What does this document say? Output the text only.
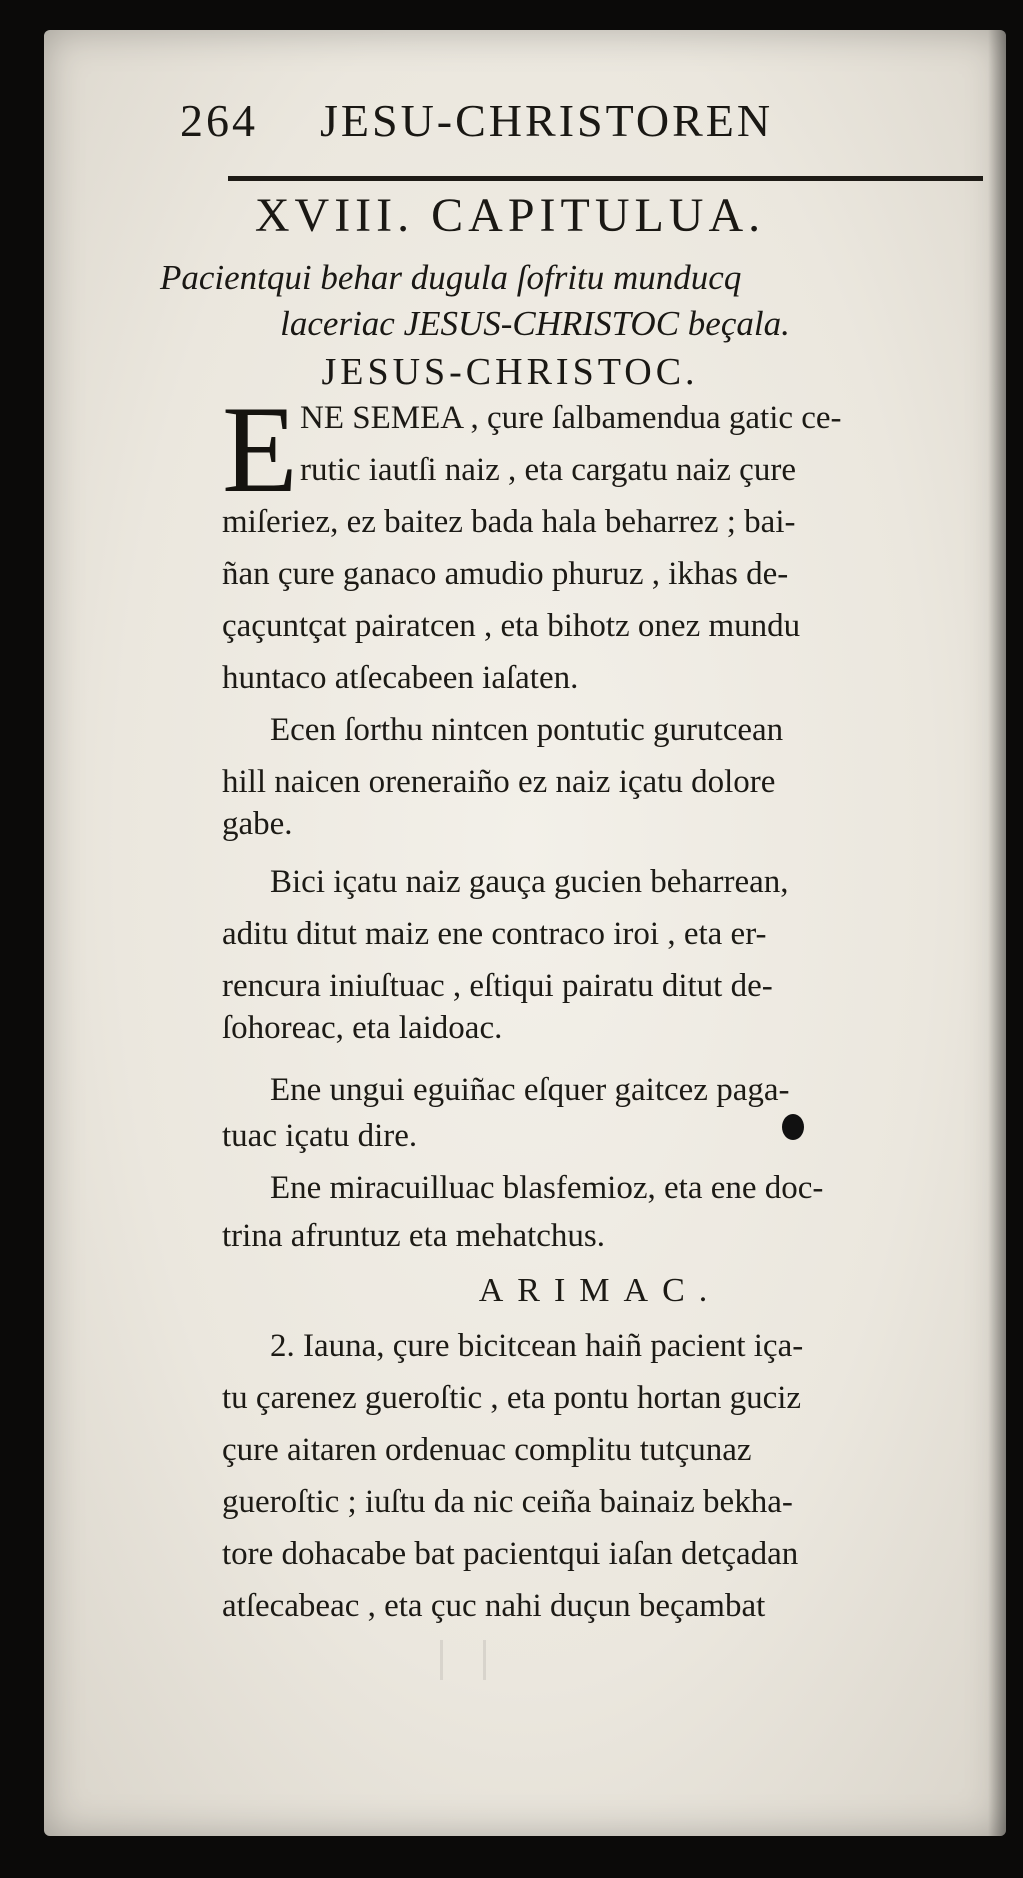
264 JESU-CHRISTOREN
XVIII. CAPITULUA.
Pacientqui behar dugula ſofritu munducq
laceriac JESUS-CHRISTOC beçala.
JESUS-CHRISTOC.
E NE SEMEA , çure ſalbamendua gatic ce-
rutic iautſi naiz , eta cargatu naiz çure
miſeriez, ez baitez bada hala beharrez ; bai-
ñan çure ganaco amudio phuruz , ikhas de-
çaçuntçat pairatcen , eta bihotz onez mundu
huntaco atſecabeen iaſaten.
Ecen ſorthu nintcen pontutic gurutcean
hill naicen oreneraiño ez naiz içatu dolore
gabe.
Bici içatu naiz gauça gucien beharrean,
aditu ditut maiz ene contraco iroi , eta er-
rencura iniuſtuac , eſtiqui pairatu ditut de-
ſohoreac, eta laidoac.
Ene ungui eguiñac eſquer gaitcez paga-
tuac içatu dire.
Ene miracuilluac blasfemioz, eta ene doc-
trina afruntuz eta mehatchus.
ARIMAC.
2. Iauna, çure bicitcean haiñ pacient iça-
tu çarenez gueroſtic , eta pontu hortan guciz
çure aitaren ordenuac complitu tutçunaz
gueroſtic ; iuſtu da nic ceiña bainaiz bekha-
tore dohacabe bat pacientqui iaſan detçadan
atſecabeac , eta çuc nahi duçun beçambat
